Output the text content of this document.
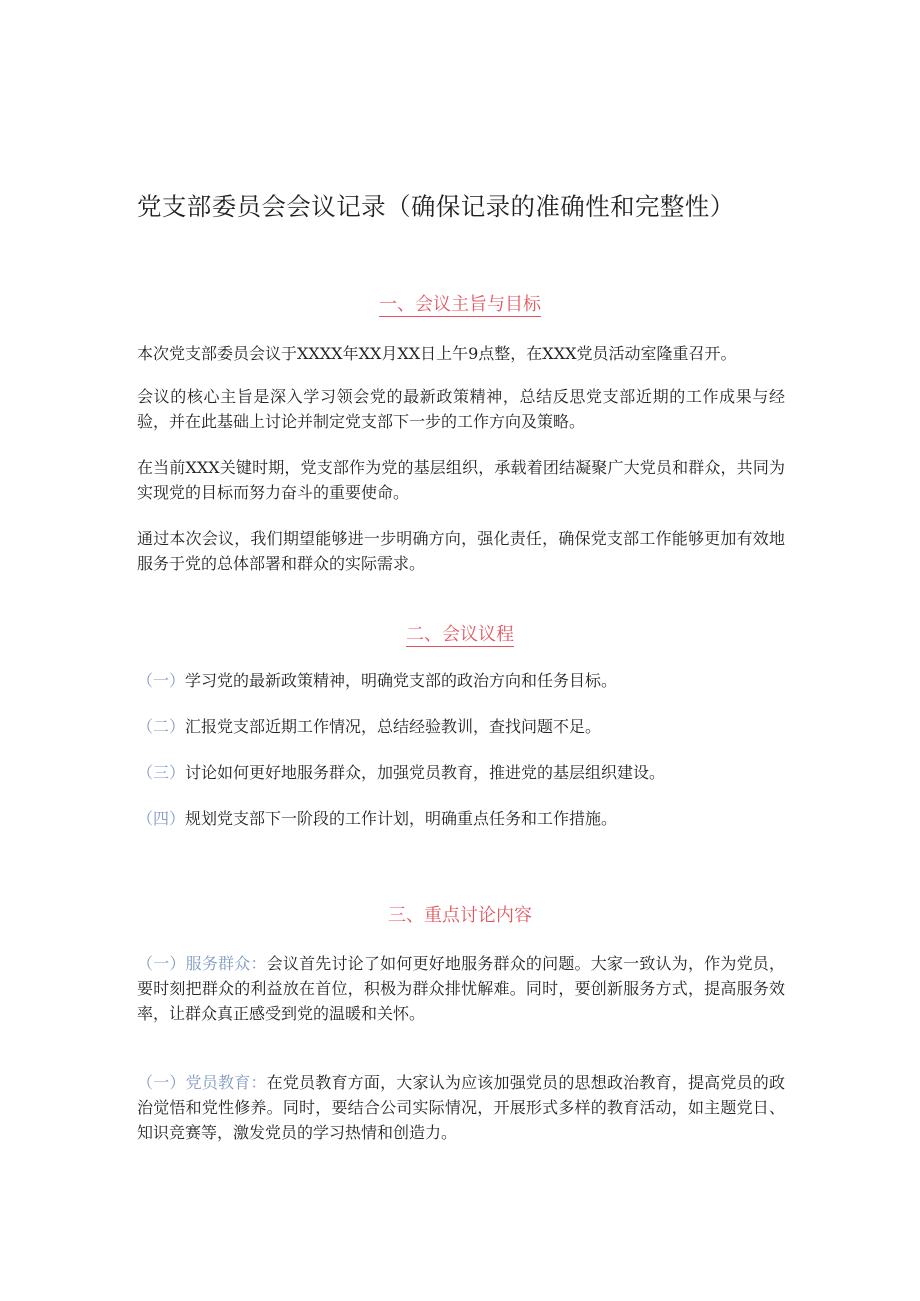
党支部委员会会议记录（确保记录的准确性和完整性）
一、会议主旨与目标

本次党支部委员会议于XXXX年XX月XX日上午9点整，在XXX党员活动室隆重召开。

会议的核心主旨是深入学习领会党的最新政策精神，总结反思党支部近期的工作成果与经验，并在此基础上讨论并制定党支部下一步的工作方向及策略。

在当前XXX关键时期，党支部作为党的基层组织，承载着团结凝聚广大党员和群众，共同为实现党的目标而努力奋斗的重要使命。

通过本次会议，我们期望能够进一步明确方向，强化责任，确保党支部工作能够更加有效地服务于党的总体部署和群众的实际需求。

二、会议议程

（一）学习党的最新政策精神，明确党支部的政治方向和任务目标。

（二）汇报党支部近期工作情况，总结经验教训，查找问题不足。

（三）讨论如何更好地服务群众，加强党员教育，推进党的基层组织建设。

（四）规划党支部下一阶段的工作计划，明确重点任务和工作措施。

三、重点讨论内容

（一）服务群众：会议首先讨论了如何更好地服务群众的问题。大家一致认为，作为党员，要时刻把群众的利益放在首位，积极为群众排忧解难。同时，要创新服务方式，提高服务效率，让群众真正感受到党的温暖和关怀。

（一）党员教育：在党员教育方面，大家认为应该加强党员的思想政治教育，提高党员的政治觉悟和党性修养。同时，要结合公司实际情况，开展形式多样的教育活动，如主题党日、知识竞赛等，激发党员的学习热情和创造力。
